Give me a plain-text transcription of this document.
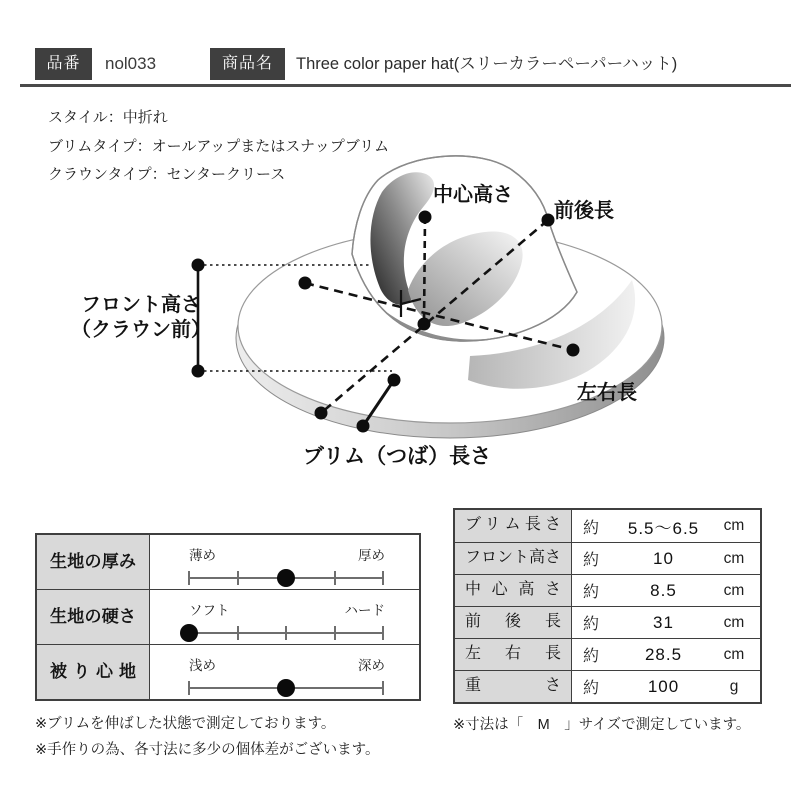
品番	nol033	商品名	Three color paper hat(スリーカラーペーパーハット)
スタイル：中折れ
ブリムタイプ：オールアップまたはスナップブリム
クラウンタイプ：センタークリース
中心高さ
前後長
フロント高さ
（クラウン前）
左右長
ブリム（つば）長さ
生地の厚み	薄め	厚め
生地の硬さ	ソフト	ハード
被り心地	浅め	深め
ブリム長さ	約	5.5～6.5	cm
フロント高さ	約	10	cm
中心高さ	約	8.5	cm
前後長	約	31	cm
左右長	約	28.5	cm
重さ	約	100	g
※ブリムを伸ばした状態で測定しております。
※手作りの為、各寸法に多少の個体差がございます。
※寸法は「　M　」サイズで測定しています。
